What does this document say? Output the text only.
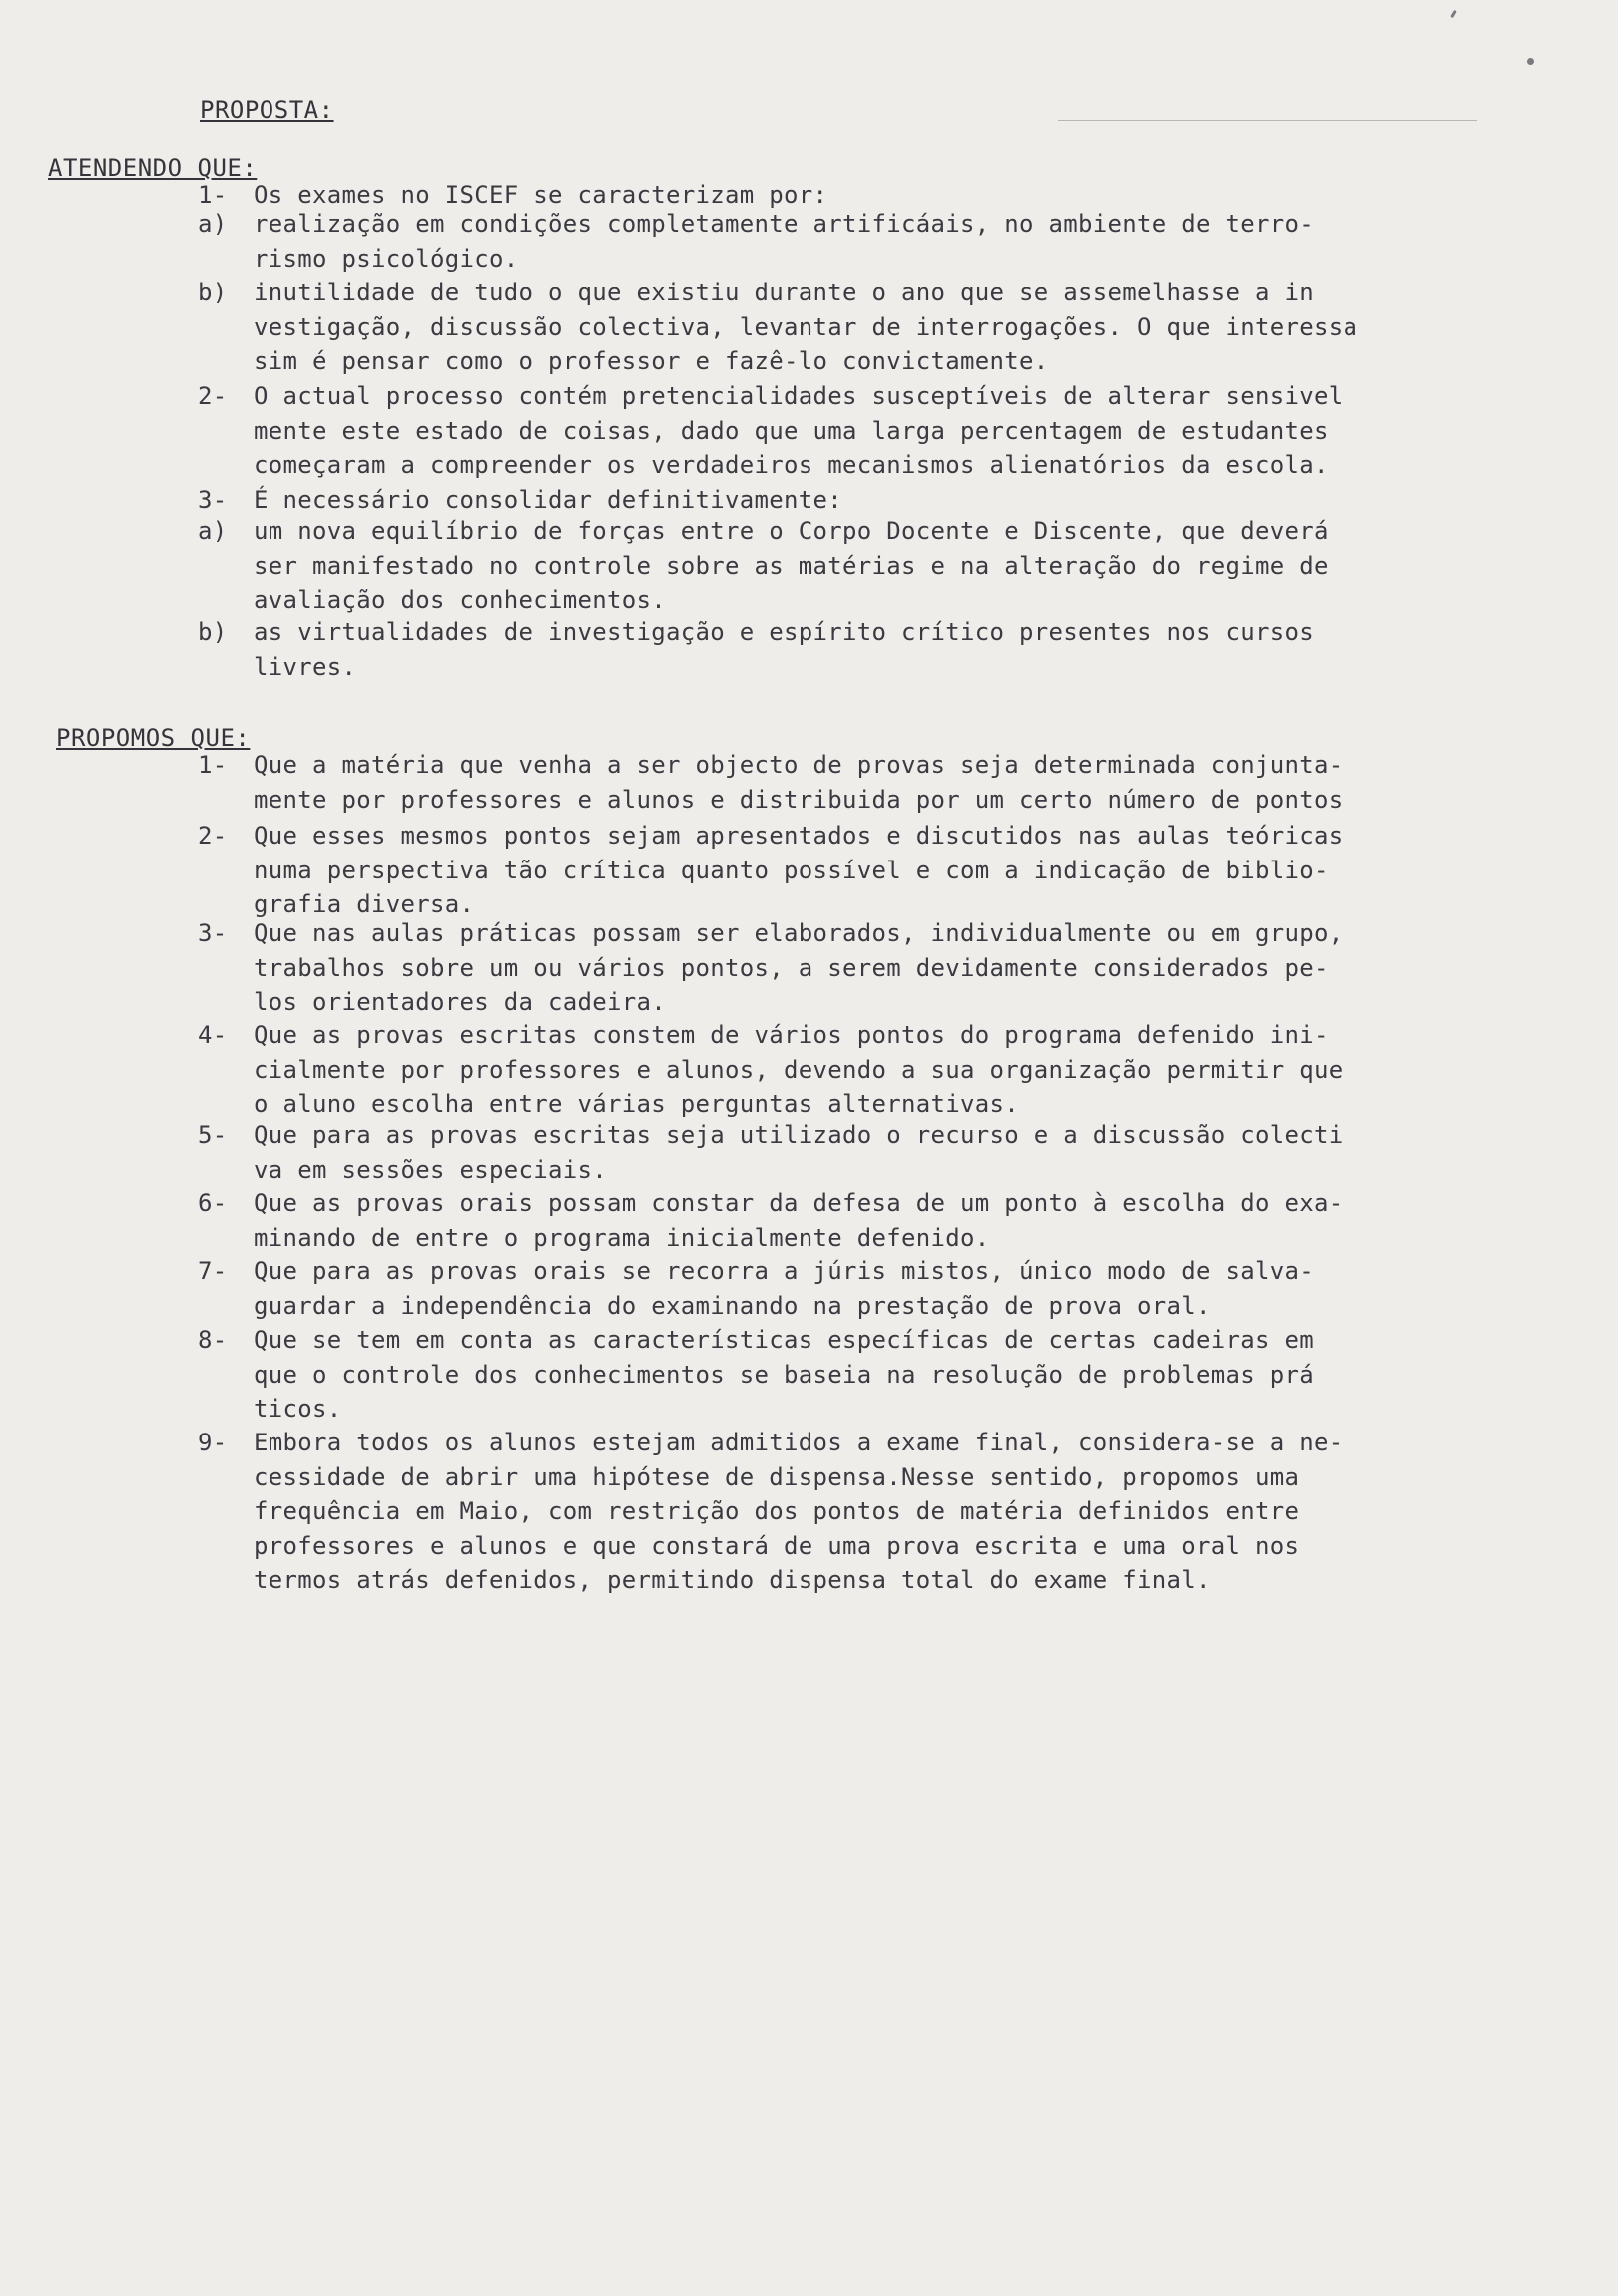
PROPOSTA:
ATENDENDO QUE:
1-	Os exames no ISCEF se caracterizam por:
a)	realização em condições completamente artificáais, no ambiente de terro-
rismo psicológico.
b)	inutilidade de tudo o que existiu durante o ano que se assemelhasse a in
vestigação, discussão colectiva, levantar de interrogações. O que interessa
sim é pensar como o professor e fazê-lo convictamente.
2-	O actual processo contém pretencialidades susceptíveis de alterar sensivel
mente este estado de coisas, dado que uma larga percentagem de estudantes
começaram a compreender os verdadeiros mecanismos alienatórios da escola.
3-	É necessário consolidar definitivamente:
a)	um nova equilíbrio de forças entre o Corpo Docente e Discente, que deverá
ser manifestado no controle sobre as matérias e na alteração do regime de
avaliação dos conhecimentos.
b)	as virtualidades de investigação e espírito crítico presentes nos cursos
livres.
PROPOMOS QUE:
1-	Que a matéria que venha a ser objecto de provas seja determinada conjunta-
mente por professores e alunos e distribuida por um certo número de pontos
2-	Que esses mesmos pontos sejam apresentados e discutidos nas aulas teóricas
numa perspectiva tão crítica quanto possível e com a indicação de biblio-
grafia diversa.
3-	Que nas aulas práticas possam ser elaborados, individualmente ou em grupo,
trabalhos sobre um ou vários pontos, a serem devidamente considerados pe-
los orientadores da cadeira.
4-	Que as provas escritas constem de vários pontos do programa defenido ini-
cialmente por professores e alunos, devendo a sua organização permitir que
o aluno escolha entre várias perguntas alternativas.
5-	Que para as provas escritas seja utilizado o recurso e a discussão colecti
va em sessões especiais.
6-	Que as provas orais possam constar da defesa de um ponto à escolha do exa-
minando de entre o programa inicialmente defenido.
7-	Que para as provas orais se recorra a júris mistos, único modo de salva-
guardar a independência do examinando na prestação de prova oral.
8-	Que se tem em conta as características específicas de certas cadeiras em
que o controle dos conhecimentos se baseia na resolução de problemas prá
ticos.
9-	Embora todos os alunos estejam admitidos a exame final, considera-se a ne-
cessidade de abrir uma hipótese de dispensa.Nesse sentido, propomos uma
frequência em Maio, com restrição dos pontos de matéria definidos entre
professores e alunos e que constará de uma prova escrita e uma oral nos
termos atrás defenidos, permitindo dispensa total do exame final.
